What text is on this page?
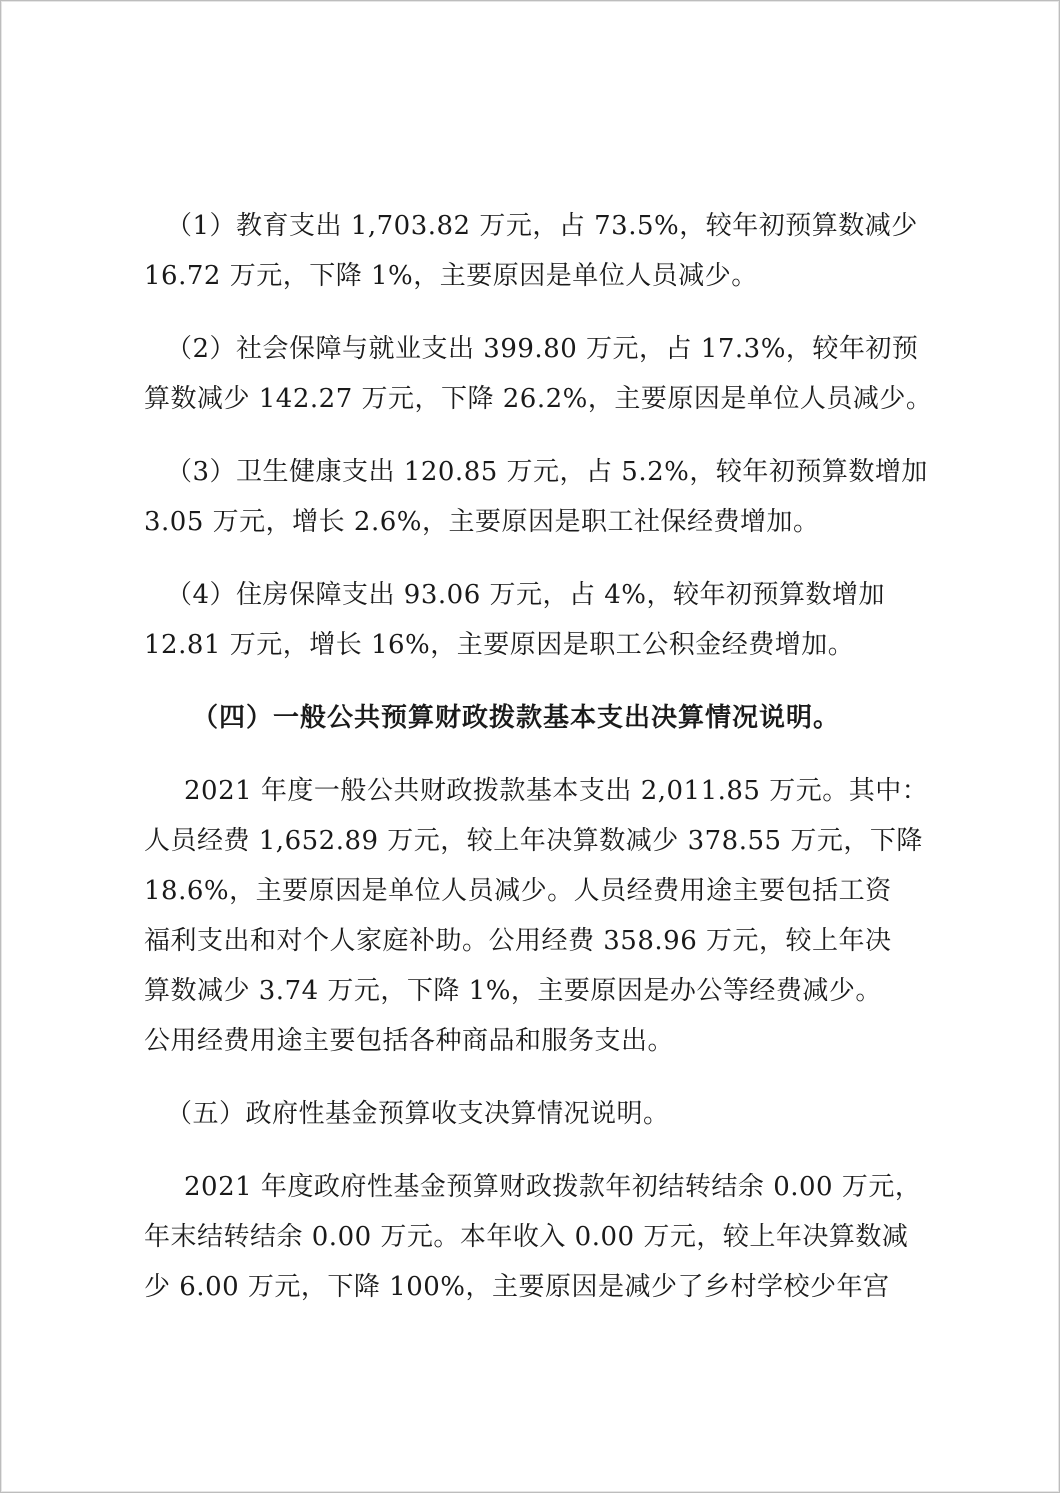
（1）教育支出 1,703.82 万元，占 73.5%，较年初预算数减少
16.72 万元，下降 1%，主要原因是单位人员减少。
（2）社会保障与就业支出 399.80 万元，占 17.3%，较年初预
算数减少 142.27 万元，下降 26.2%，主要原因是单位人员减少。
（3）卫生健康支出 120.85 万元，占 5.2%，较年初预算数增加
3.05 万元，增长 2.6%，主要原因是职工社保经费增加。
（4）住房保障支出 93.06 万元，占 4%，较年初预算数增加
12.81 万元，增长 16%，主要原因是职工公积金经费增加。
（四）一般公共预算财政拨款基本支出决算情况说明。
2021 年度一般公共财政拨款基本支出 2,011.85 万元。其中：
人员经费 1,652.89 万元，较上年决算数减少 378.55 万元，下降
18.6%，主要原因是单位人员减少。人员经费用途主要包括工资
福利支出和对个人家庭补助。公用经费 358.96 万元，较上年决
算数减少 3.74 万元，下降 1%，主要原因是办公等经费减少。
公用经费用途主要包括各种商品和服务支出。
（五）政府性基金预算收支决算情况说明。
2021 年度政府性基金预算财政拨款年初结转结余 0.00 万元，
年末结转结余 0.00 万元。本年收入 0.00 万元，较上年决算数减
少 6.00 万元，下降 100%，主要原因是减少了乡村学校少年宫
